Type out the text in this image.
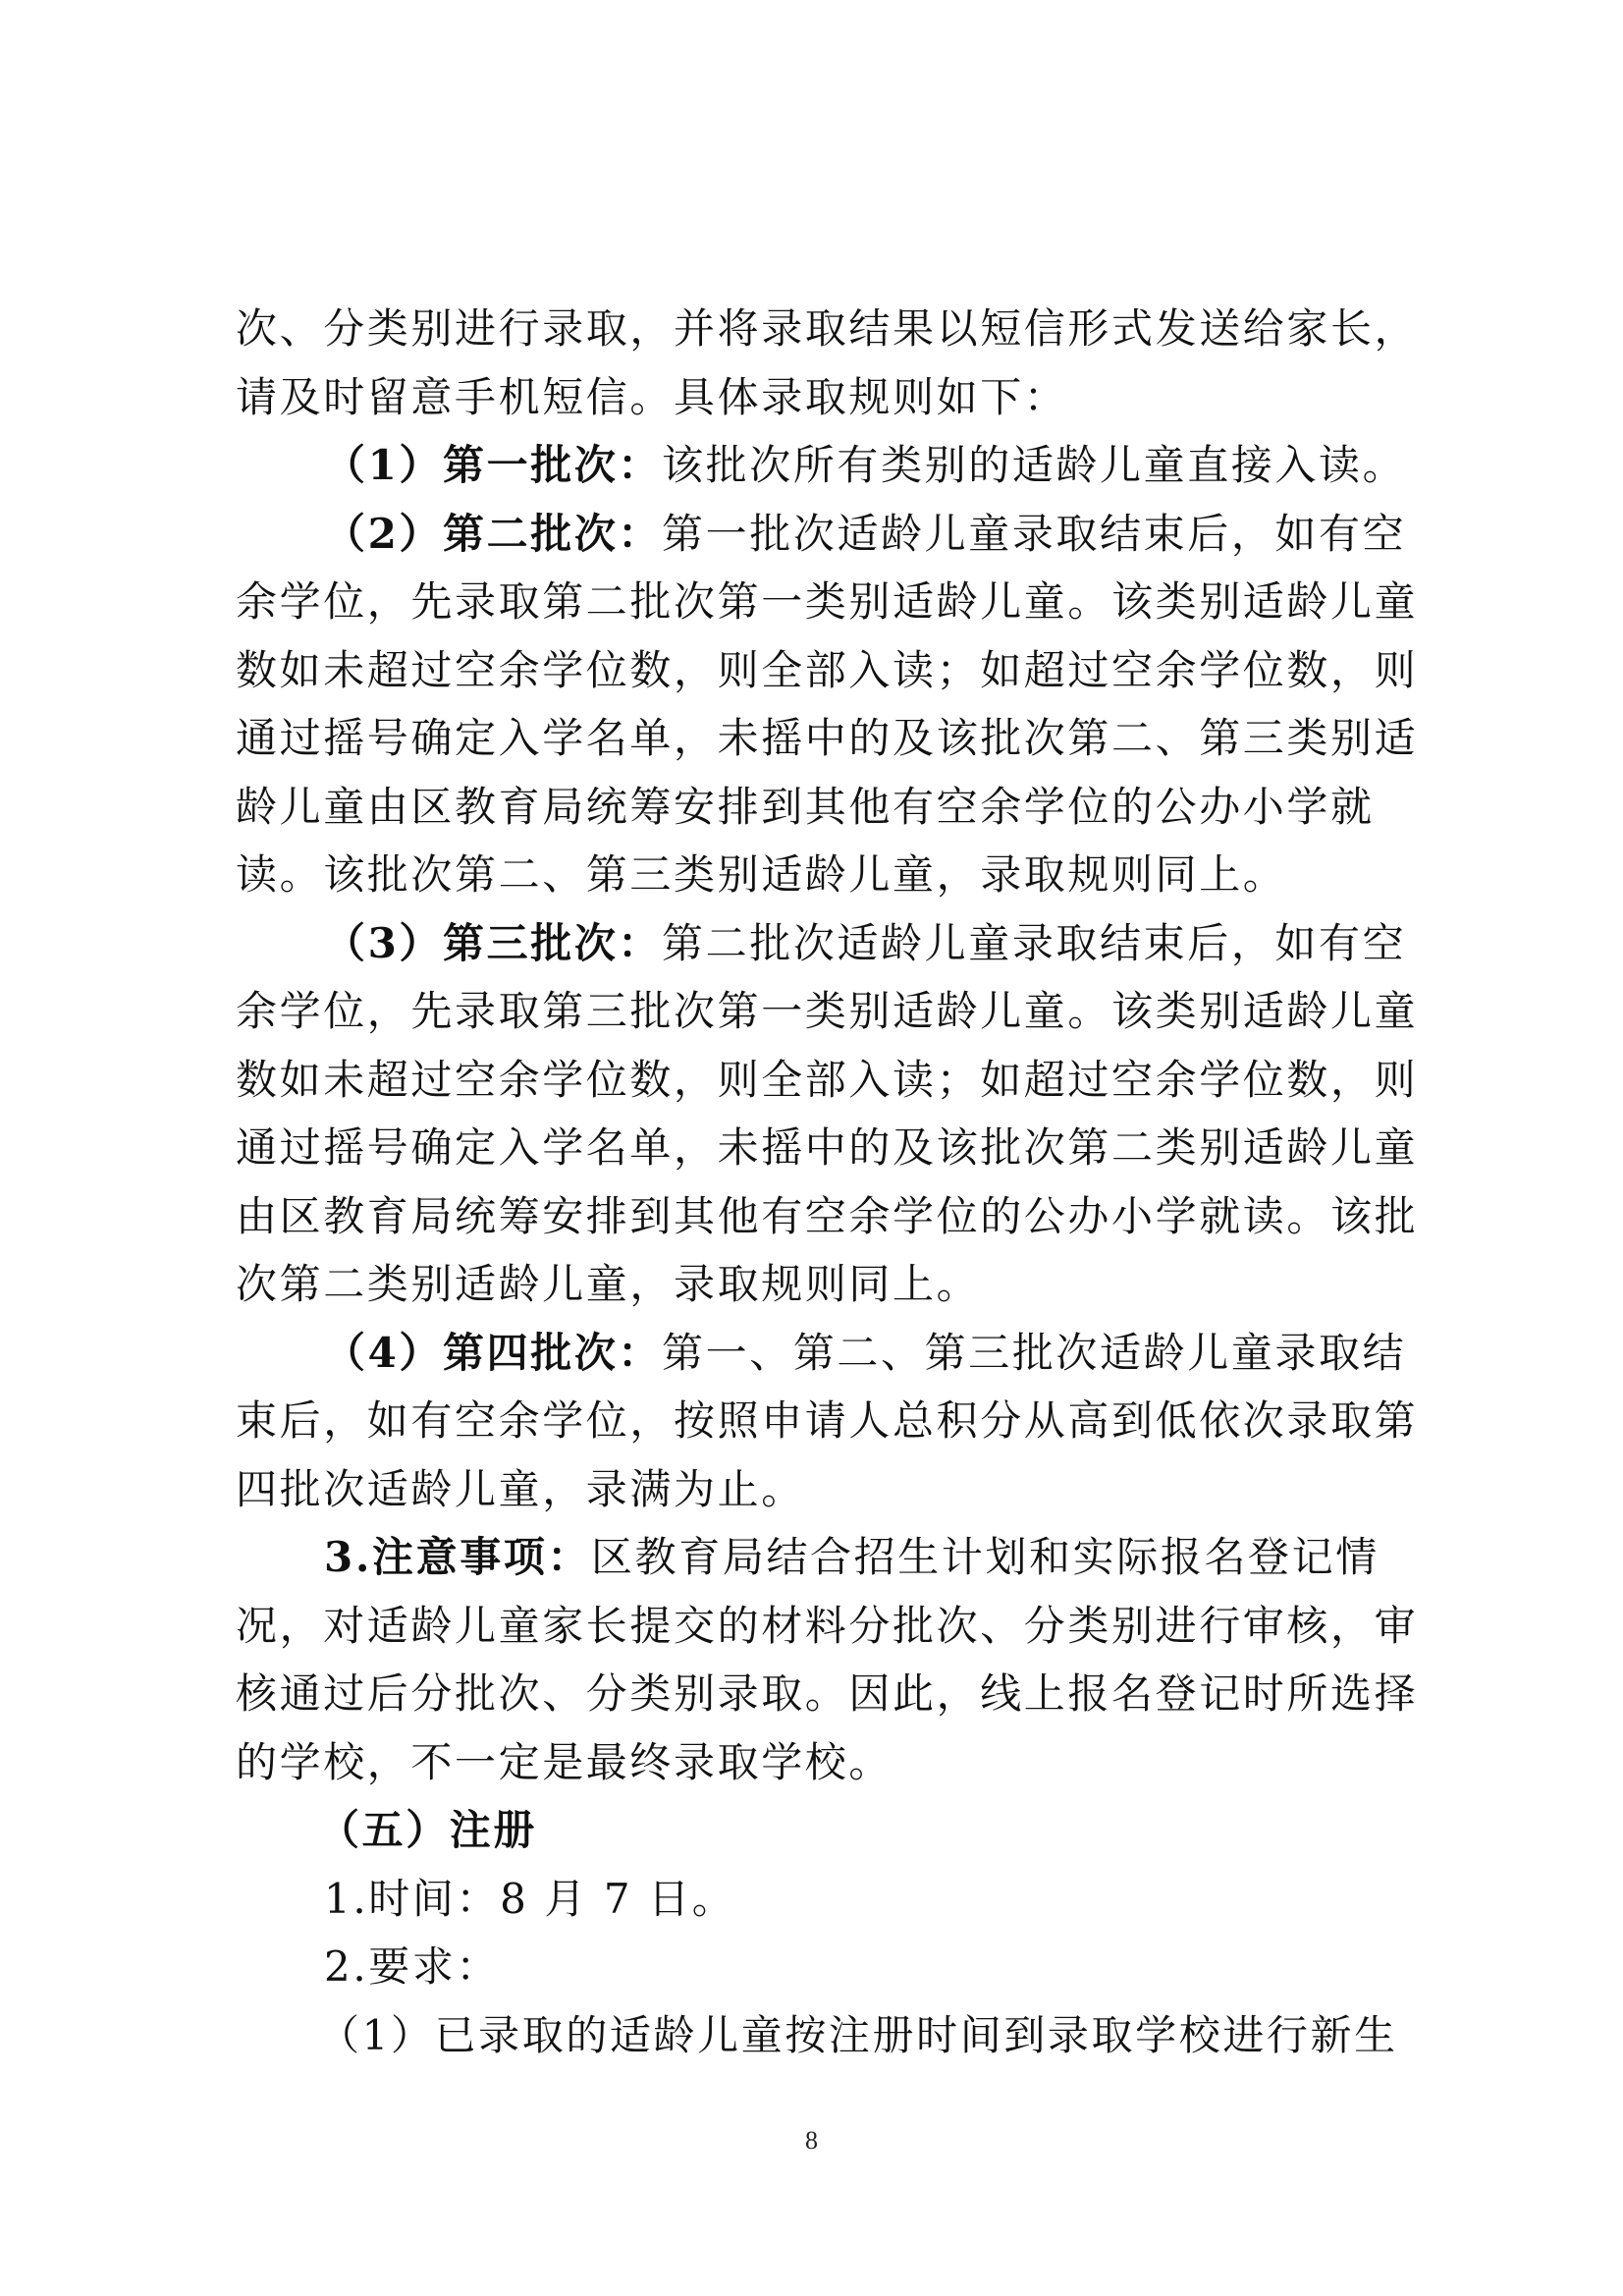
次、分类别进行录取，并将录取结果以短信形式发送给家长，
请及时留意手机短信。具体录取规则如下：
（1）第一批次：该批次所有类别的适龄儿童直接入读。
（2）第二批次：第一批次适龄儿童录取结束后，如有空
余学位，先录取第二批次第一类别适龄儿童。该类别适龄儿童
数如未超过空余学位数，则全部入读；如超过空余学位数，则
通过摇号确定入学名单，未摇中的及该批次第二、第三类别适
龄儿童由区教育局统筹安排到其他有空余学位的公办小学就
读。该批次第二、第三类别适龄儿童，录取规则同上。
（3）第三批次：第二批次适龄儿童录取结束后，如有空
余学位，先录取第三批次第一类别适龄儿童。该类别适龄儿童
数如未超过空余学位数，则全部入读；如超过空余学位数，则
通过摇号确定入学名单，未摇中的及该批次第二类别适龄儿童
由区教育局统筹安排到其他有空余学位的公办小学就读。该批
次第二类别适龄儿童，录取规则同上。
（4）第四批次：第一、第二、第三批次适龄儿童录取结
束后，如有空余学位，按照申请人总积分从高到低依次录取第
四批次适龄儿童，录满为止。
3.注意事项：区教育局结合招生计划和实际报名登记情
况，对适龄儿童家长提交的材料分批次、分类别进行审核，审
核通过后分批次、分类别录取。因此，线上报名登记时所选择
的学校，不一定是最终录取学校。
（五）注册
1.时间：8 月 7 日。
2.要求：
（1）已录取的适龄儿童按注册时间到录取学校进行新生
8
